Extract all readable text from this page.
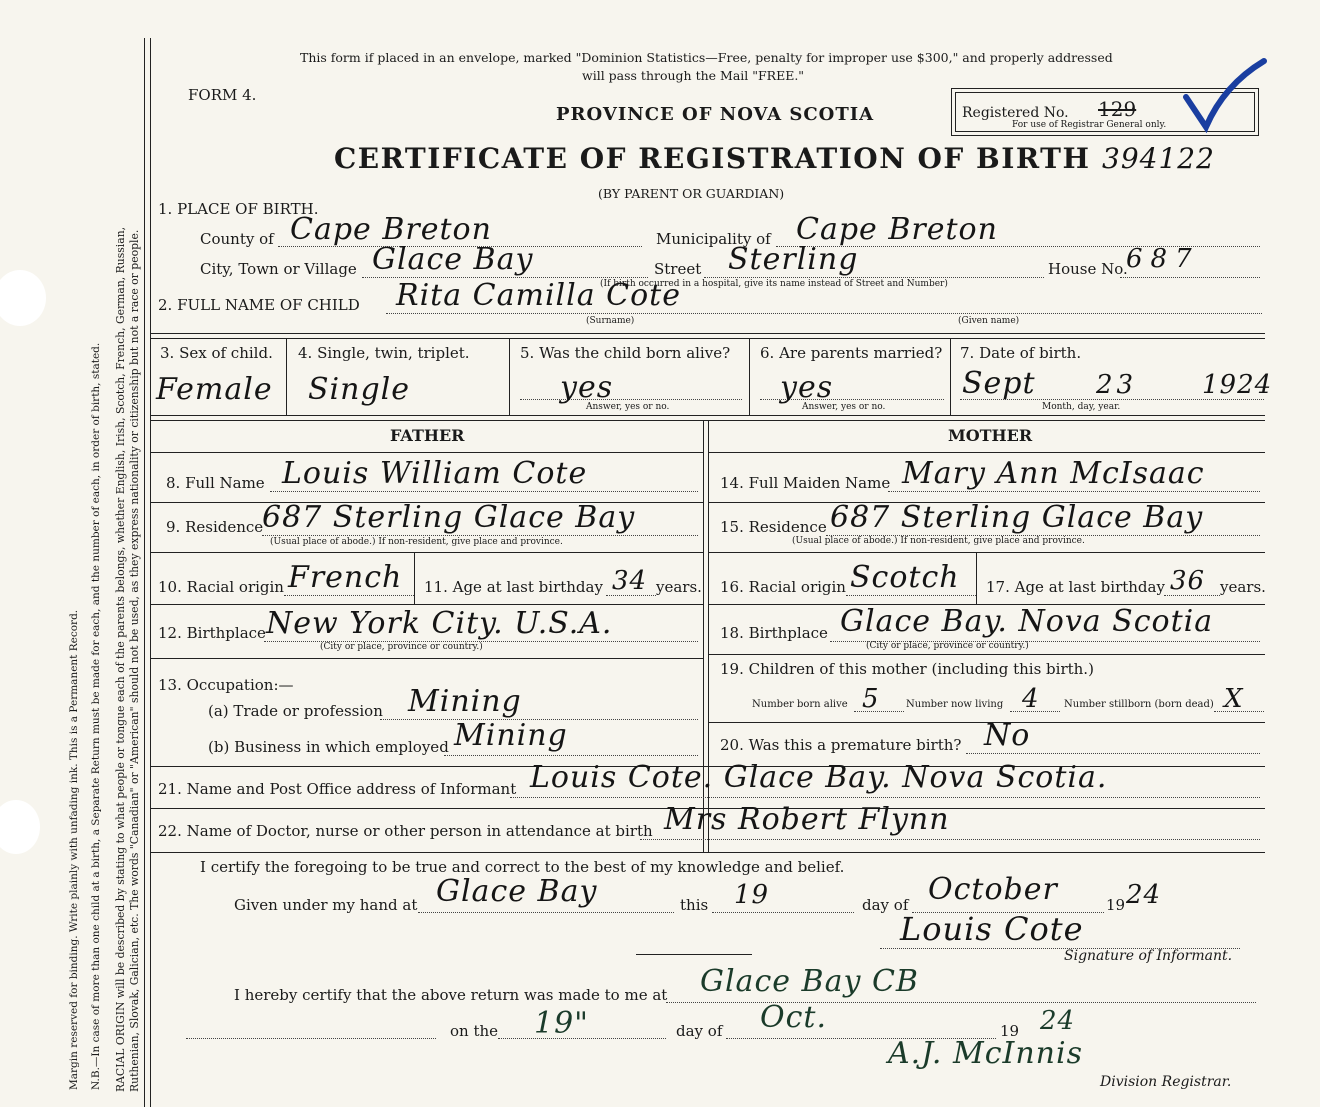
Margin reserved for binding. Write plainly with unfading ink. This is a Permanent Record. N.B.—In case of more than one child at a birth, a Separate Return must be made for each, and the number of each, in order of birth, stated. RACIAL ORIGIN will be described by stating to what people or tongue each of the parents belongs, whether English, Irish, Scotch, French, German, Russian, Ruthenian, Slovak, Galician, etc. The words "Canadian" or "American" should not be used, as they express nationality or citizenship but not a race or people.
This form if placed in an envelope, marked "Dominion Statistics—Free, penalty for improper use $300," and properly addressed
will pass through the Mail "FREE."
FORM 4.
PROVINCE OF NOVA SCOTIA	Registered No. 129
For use of Registrar General only.
CERTIFICATE OF REGISTRATION OF BIRTH 394122
(BY PARENT OR GUARDIAN)
1. PLACE OF BIRTH.
County of Cape Breton	Municipality of Cape Breton
City, Town or Village Glace Bay	Street Sterling
(If birth occurred in a hospital, give its name instead of Street and Number)
House No.
687
2. FULL NAME OF CHILD Rita Camilla Cote
(Surname)	(Given name)
3. Sex of child.
Female
4. Single, twin, triplet.
Single
5. Was the child born alive?
yes
Answer, yes or no.
6. Are parents married?
yes
Answer, yes or no.
7. Date of birth.
Sept 23 1924
Month, day, year.
FATHER	MOTHER
8. Full Name Louis William Cote
9. Residence
687 Sterling Glace Bay
(Usual place of abode.) If non-resident, give place and province.
10. Racial origin French 11. Age at last birthday 34 years.
12. Birthplace New York City. U.S.A.
(City or place, province or country.)
13. Occupation:—
(a) Trade or profession Mining
(b) Business in which employed Mining
14. Full Maiden Name Mary Ann McIsaac
15. Residence 687 Sterling Glace Bay
(Usual place of abode.) If non-resident, give place and province.
16. Racial origin Scotch 17. Age at last birthday 36 years.
18. Birthplace Glace Bay. Nova Scotia
(City or place, province or country.)
19. Children of this mother (including this birth.)
Number born alive 5	Number now living 4 Number stillborn (born dead) X
20. Was this a premature birth? No
21. Name and Post Office address of Informant Louis Cote. Glace Bay. Nova Scotia.
22. Name of Doctor, nurse or other person in attendance at birth Mrs Robert Flynn
I certify the foregoing to be true and correct to the best of my knowledge and belief.
Given under my hand at Glace Bay	this 19	day of October	19 24
Louis Cote
Signature of Informant.
I hereby certify that the above return was made to me at Glace Bay CB
on the 19"	day of Oct.	19 24
A.J. McInnis
Division Registrar.
